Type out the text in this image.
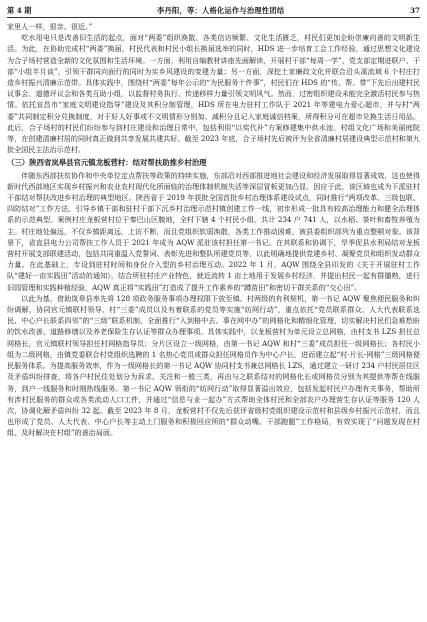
第 4 期	李丹阳，等：人格化运作与治理性团结	37

家里人一样，很亲、很近。”

吃水用电只是改善旧生活的起点，面对“两委”组织涣散、各类信访频繁、文化生活匮乏，村民们更加企盼崇廉向善的文明新生活。为此，在协助完成村“两委”换届，村民代表和村民小组长换届选举的同时，HDS 进一步培育工会工作经验，通过思想文化建设为合子场村营造全新的文化氛围和生活环境。一方面，利用自编教材讲座先面解读，开展村干部“每周一学”、党支部定期进联户、干部“小组半月谈”，引领干群同向面行的同时为实乡风建设的变建力量；另一方面，深挖土家廉政文化并联合沿头溪流域 6 个村庄打造乡村振兴清廉示范带。具体实践中，围绕村“两委”每年公示的“为民服务十件事”，村民们在 HDS 的“传、帮、带”下先后出建村民议事会、道德评议会和各类互助小组，以监督村务执行、传递移样力量引领文明风气。然而，过密组织建设未能完全激活村民参与热情。依托宣昌市“家庭文明建设指导”建设及其积分制管理，HDS 所在电力驻村工作队于 2021 年等建电力爱心超市，并与村“两委”共同制定积分兑换制度，对于好人好事或不文明情形分别加、减积分且记入家庭诚信档案，所得积分可在超市兑换生活日用品。此后，合子场村的村民们纷纷参与到村庄建设和治理日常中，包括利用“以奖代补”方案修建集中供水池、村组文化广场和美丽庭院等，在创建清廉村居的同时真正做到共享发展共建共好。截至 2023 年底，合子场村先后被评为全省清廉村居建设典型示范村和第九批全国民主法治示范村。

（三）陕西省岚皋县官元镇龙板营村：结对帮扶助推乡村治理

伴随东西部扶贫协作和中央单位定点帮扶等政策的持续实施，东部沿对西部推进地社会建设和经济发展取得显著成效，这也使得新时代西部地区实现乡村振兴和农业农村现代化所面临的治理体制机制失活等深层冒板更加凸显。因应于此，该区域也成为下派驻村干部结对帮扶改进乡村治理的典型地区。陕西省于 2019 年获批全国首批乡村治理体系建设试点，同时推行“两项改革、三级包联、四防结对”工作方法，引导乡镇干部和驻村干部下沉乡村治理示范村镇创建工作一线，初步形成一批具有较高治理能力和健全治理体系的示范典型。案例村庄龙板营村位于秦巴山区腹地，全村下辖 4 个村民小组，共计 234 户 741 人，以水稻、茶叶和畜牧养殖为主。村庄地处偏远，不仅乡镇距离远，上访不断，而且党组织软弱涣散，各类工作推动困难，被县委组织部列为重点整顿对象。该背景下，省直县电力公司帮扶工作人员于 2021 年成为 AQW 派驻该村担任第一书记。在其联系和协调下，旱季促县水利局结对龙板营村开展支部联建活动，包括共同重温入党誓词、表彰先进和整队所建党员等，以此明确地提供党建乡村、凝聚党员和组织发动群众力量。在此基础上，专设到驻村时间和身份介入型的乡村治理互动。2022 年 1 月，AQW 围绕全县印发的《关于开展驻村工作队“建好一亩实践田”活动的通知》，结合所驻村庄产业特色，就近流转 1 亩土地用于发展乡村经济，并提出村民一起有群播熟，进行旧园管理和实践种植经验，AQW 真正将“实践田”打造成了提升工作素养的“蹲苗田”和密切干群关系的“交心田”。

以此为基，借助岚皋县率先将 128 项政务服务事项办理权限下放至镇、村两级的有利契机，第一书记 AQW 聚焦便民服务和纠纷调解，协同官元镇联村领导、村“三委”成员以及有着联系的党员等实施“纺网行动”，重点依托“党员联系群众、人大代表联系选民、中心户长联系四邻”的“三级”联系机制，全面推行“入到格中去、事在网中办”的网格化和精细化管理，切实解决村民们急难愁盼的饮水改善、道路修缮以及养老保险生存认证等群众办理事项。具体实践中，以龙板营村为单元设立总网格，由村支书 LZS 担任总网格长，官元镇联村领导担任村网格指导员；分片区设立一级网格，由第一书记 AQW 和村“三委”成员担任一级网格长；各村民小组为二级网格，由镇党委联合村党组织选聘的 1 名热心党员或群众担任网格员作为中心户长，进而建立起“村-片长-网格”三级网格便民服务体系。为提高服务效率，作为一级网格长的第一书记 AQW 协同村支书兼总网格长 LZS，通过建立一研讨 234 户村民居住区及矛盾纠纷排查，将各户村民住处划分为诉求、关注和一般三类，再由与之联系结对的网格化长或网格员分别为其提供等帮在线服务，到户一线服务和时刚热线服务。第一书记 AQW 领衔的“纺网行动”取得显著溢出效应，包括发起村民户办理有关事务，帮助所有涉村民服务的群众或各类流动人口工件，并通过“信息与业一起办”方式帮助全体村民和全部农户办理营生存认证等服务 120 人次，协调化解矛盾纠纷 32 起。截至 2023 年 8 月，龙板营村不仅先后获评省级村党组织建设示范村和县级乡村振兴示范村，而且也形成了党员、人大代表、中心户长等主动上门服务和积极回应所的“群众动嘴、干部跑腿”工作格局，有效实现了“问题发现在村组、及时解决在村组”的善治局面。
